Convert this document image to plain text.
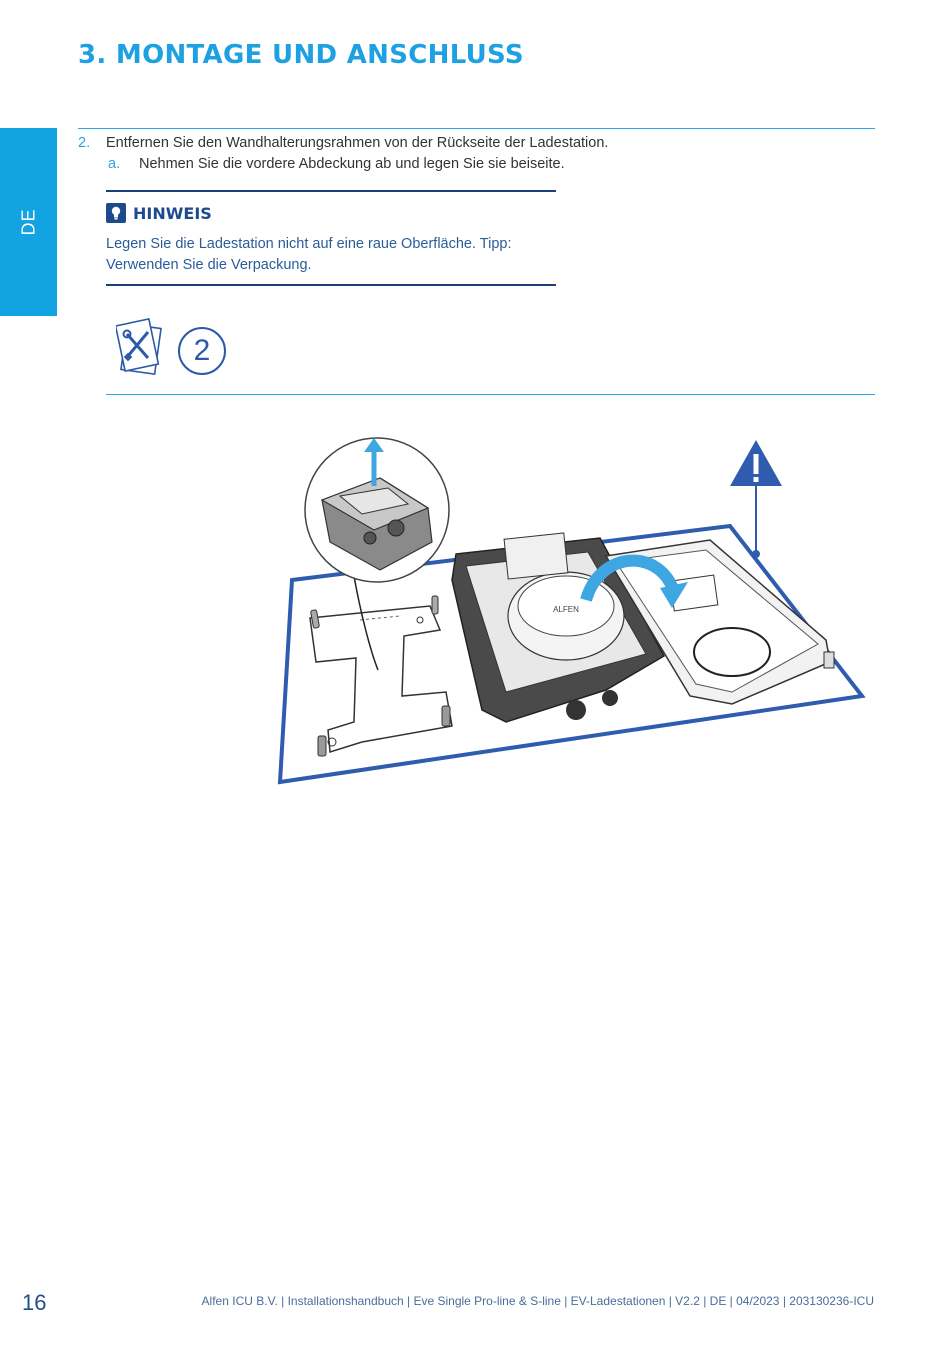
3. MONTAGE UND ANSCHLUSS
DE
2. Entfernen Sie den Wandhalterungsrahmen von der Rückseite der Ladestation.
a. Nehmen Sie die vordere Abdeckung ab und legen Sie sie beiseite.
HINWEIS
Legen Sie die Ladestation nicht auf eine raue Oberfläche. Tipp:
Verwenden Sie die Verpackung.
2
ALFEN
16	Alfen ICU B.V. | Installationshandbuch | Eve Single Pro-line & S-line | EV-Ladestationen | V2.2 | DE | 04/2023 | 203130236-ICU
